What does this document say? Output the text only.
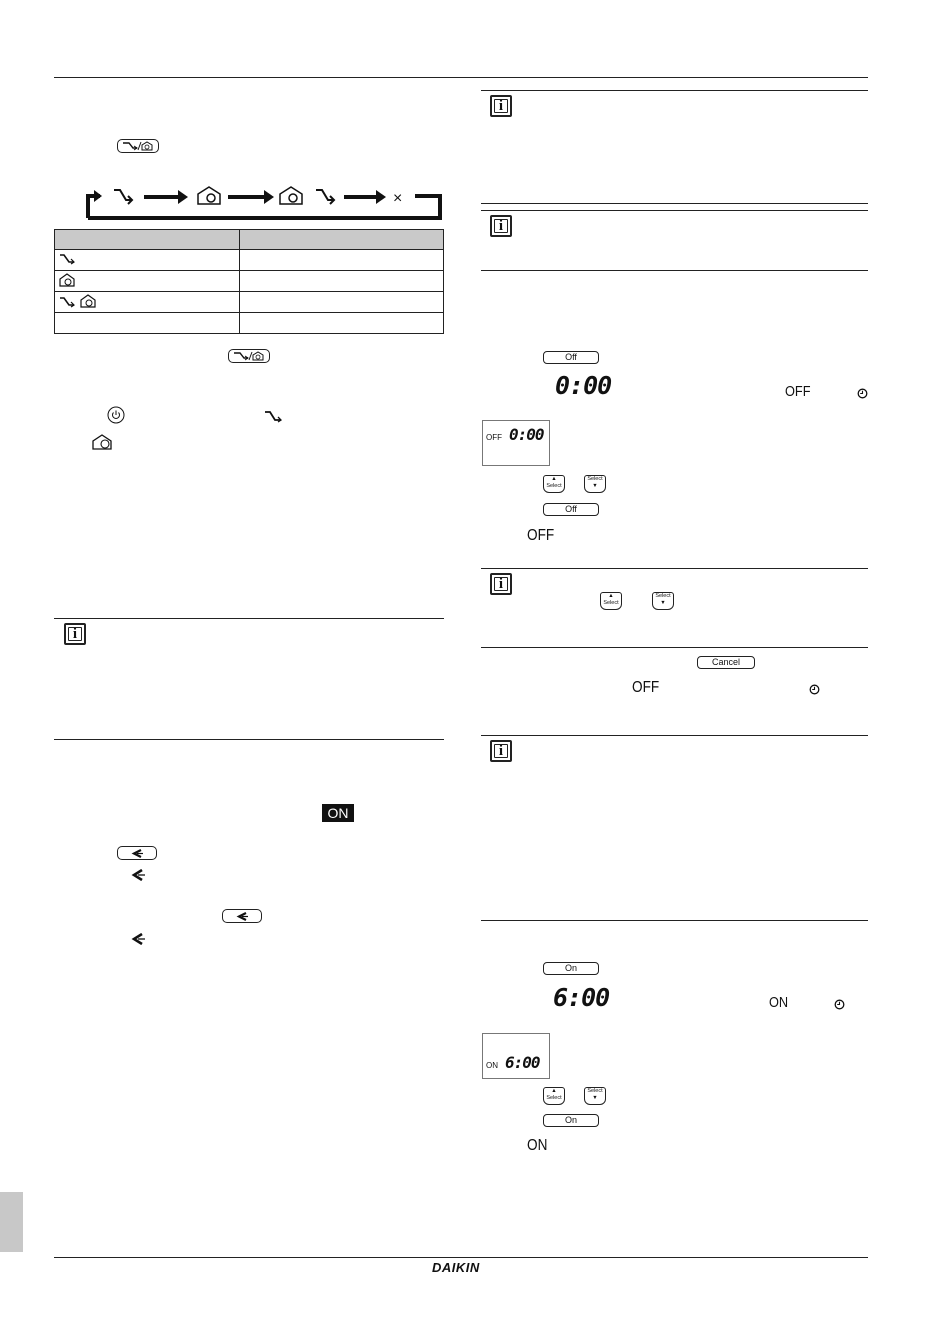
×

i
ON
i
i
Off
0:00	OFF
OFF 0:00
▲
Select
Select
▼
Off
OFF
i
▲
Select
Select
▼
Cancel
OFF
i
On
6:00	ON
ON 6:00
▲
Select
Select
▼
On
ON
DAIKIN
